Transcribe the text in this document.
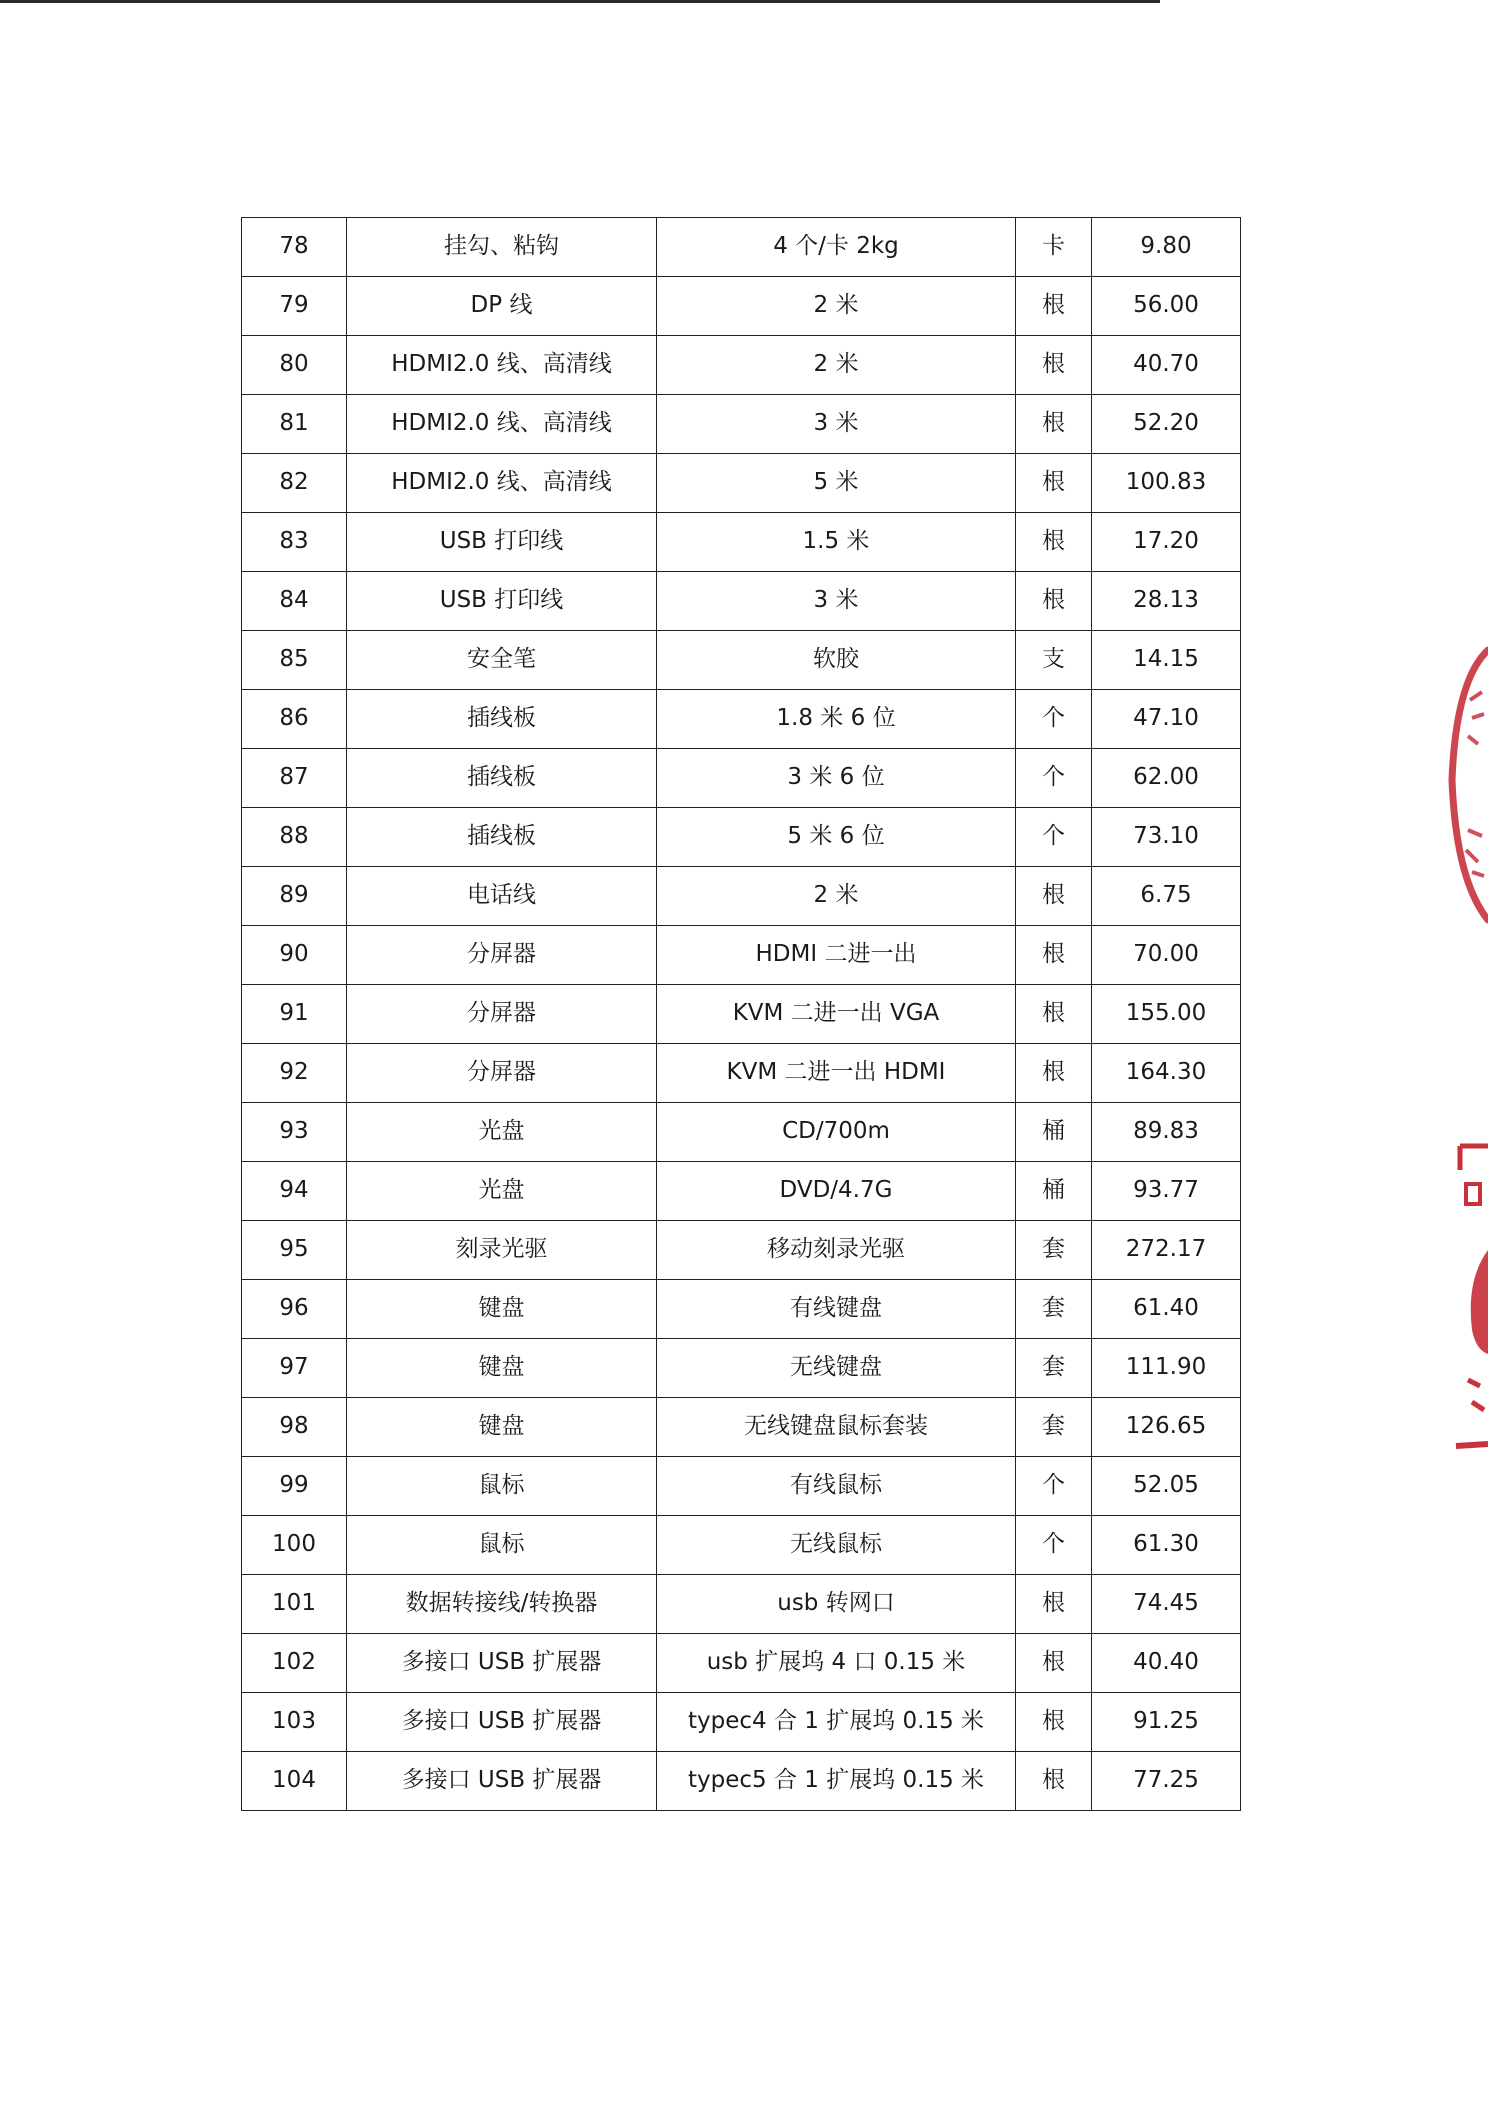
78	挂勾、粘钩	4 个/卡 2kg	卡	9.80
79	DP 线	2 米	根	56.00
80	HDMI2.0 线、高清线	2 米	根	40.70
81	HDMI2.0 线、高清线	3 米	根	52.20
82	HDMI2.0 线、高清线	5 米	根	100.83
83	USB 打印线	1.5 米	根	17.20
84	USB 打印线	3 米	根	28.13
85	安全笔	软胶	支	14.15
86	插线板	1.8 米 6 位	个	47.10
87	插线板	3 米 6 位	个	62.00
88	插线板	5 米 6 位	个	73.10
89	电话线	2 米	根	6.75
90	分屏器	HDMI 二进一出	根	70.00
91	分屏器	KVM 二进一出 VGA	根	155.00
92	分屏器	KVM 二进一出 HDMI	根	164.30
93	光盘	CD/700m	桶	89.83
94	光盘	DVD/4.7G	桶	93.77
95	刻录光驱	移动刻录光驱	套	272.17
96	键盘	有线键盘	套	61.40
97	键盘	无线键盘	套	111.90
98	键盘	无线键盘鼠标套装	套	126.65
99	鼠标	有线鼠标	个	52.05
100	鼠标	无线鼠标	个	61.30
101	数据转接线/转换器	usb 转网口	根	74.45
102	多接口 USB 扩展器	usb 扩展坞 4 口 0.15 米	根	40.40
103	多接口 USB 扩展器	typec4 合 1 扩展坞 0.15 米	根	91.25
104	多接口 USB 扩展器	typec5 合 1 扩展坞 0.15 米	根	77.25
